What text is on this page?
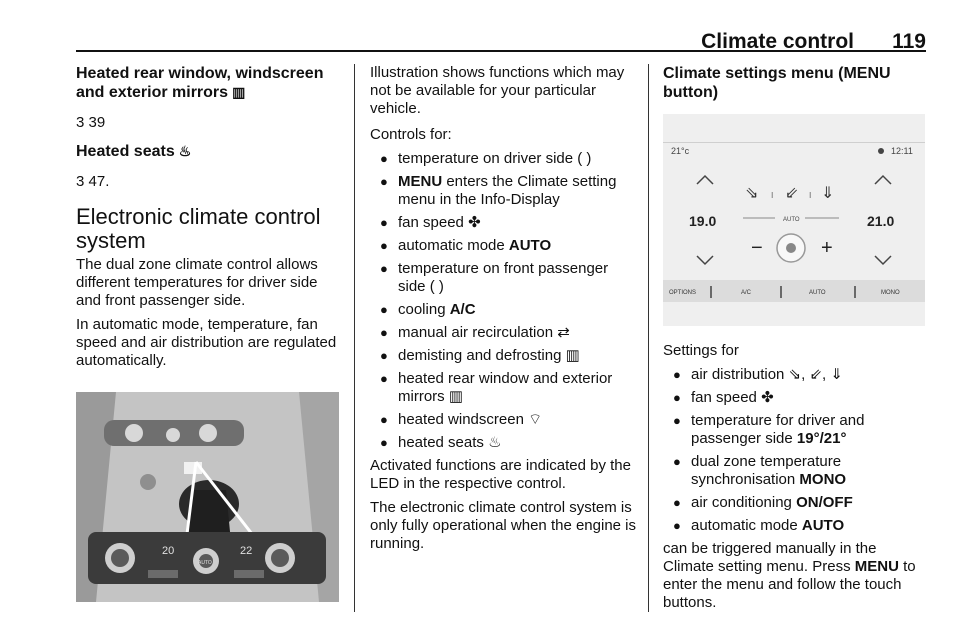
Climate control 119
Heated rear window, windscreen and exterior mirrors ▥
3 39
Heated seats ♨
3 47.
Electronic climate control system
The dual zone climate control allows different temperatures for driver side and front passenger side.
In automatic mode, temperature, fan speed and air distribution are regulated automatically.
20	22
AUTO
Illustration shows functions which may not be available for your particular vehicle.
Controls for:
● temperature on driver side ( )
● MENU enters the Climate setting menu in the Info-Display
● fan speed ✤
● automatic mode AUTO
● temperature on front passenger side ( )
● cooling A/C
● manual air recirculation ⇄
● demisting and defrosting ▥
● heated rear window and exterior mirrors ▥
● heated windscreen ⌔
● heated seats ♨
Activated functions are indicated by the LED in the respective control.
The electronic climate control system is only fully operational when the engine is running.
Climate settings menu (MENU button)
21°c	12:11
19.0	21.0
⇘ I ⇙ I ⇓
AUTO
−	+
OPTIONS	A/C	AUTO	MONO
Settings for
● air distribution ⇘, ⇙, ⇓
● fan speed ✤
● temperature for driver and passenger side 19°/21°
● dual zone temperature synchronisation MONO
● air conditioning ON/OFF
● automatic mode AUTO
can be triggered manually in the Climate setting menu. Press MENU to enter the menu and follow the touch buttons.
